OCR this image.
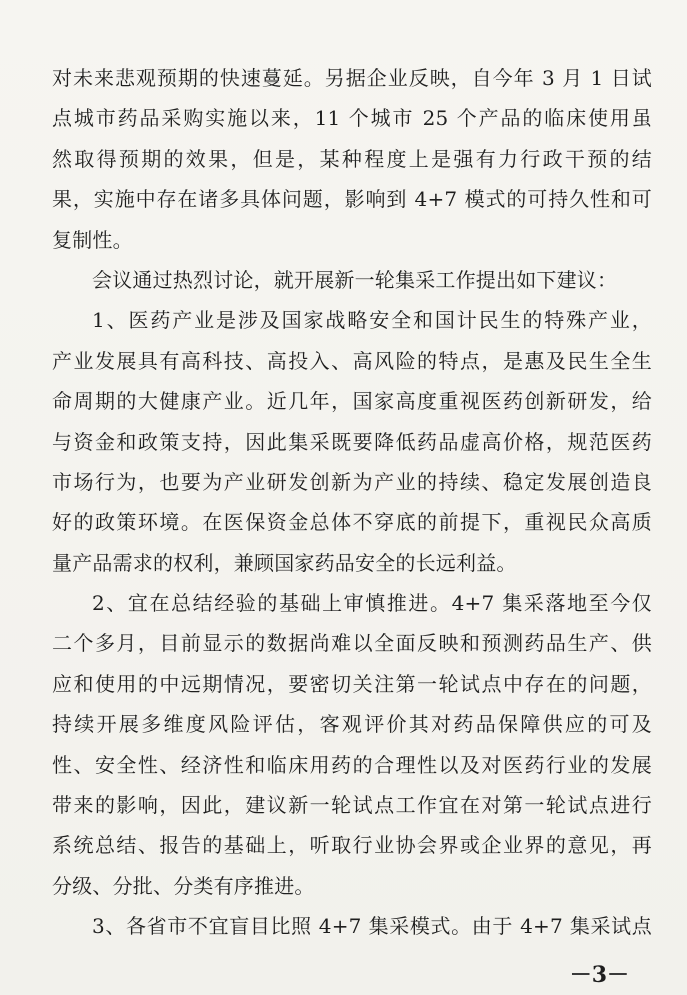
对未来悲观预期的快速蔓延。另据企业反映，自今年 3 月 1 日试
点城市药品采购实施以来，11 个城市 25 个产品的临床使用虽
然取得预期的效果，但是，某种程度上是强有力行政干预的结
果，实施中存在诸多具体问题，影响到 4+7 模式的可持久性和可
复制性。
会议通过热烈讨论，就开展新一轮集采工作提出如下建议：
1、医药产业是涉及国家战略安全和国计民生的特殊产业，
产业发展具有高科技、高投入、高风险的特点，是惠及民生全生
命周期的大健康产业。近几年，国家高度重视医药创新研发，给
与资金和政策支持，因此集采既要降低药品虚高价格，规范医药
市场行为，也要为产业研发创新为产业的持续、稳定发展创造良
好的政策环境。在医保资金总体不穿底的前提下，重视民众高质
量产品需求的权利，兼顾国家药品安全的长远利益。
2、宜在总结经验的基础上审慎推进。4+7 集采落地至今仅
二个多月，目前显示的数据尚难以全面反映和预测药品生产、供
应和使用的中远期情况，要密切关注第一轮试点中存在的问题，
持续开展多维度风险评估，客观评价其对药品保障供应的可及
性、安全性、经济性和临床用药的合理性以及对医药行业的发展
带来的影响，因此，建议新一轮试点工作宜在对第一轮试点进行
系统总结、报告的基础上，听取行业协会界或企业界的意见，再
分级、分批、分类有序推进。
3、各省市不宜盲目比照 4+7 集采模式。由于 4+7 集采试点
－3－
